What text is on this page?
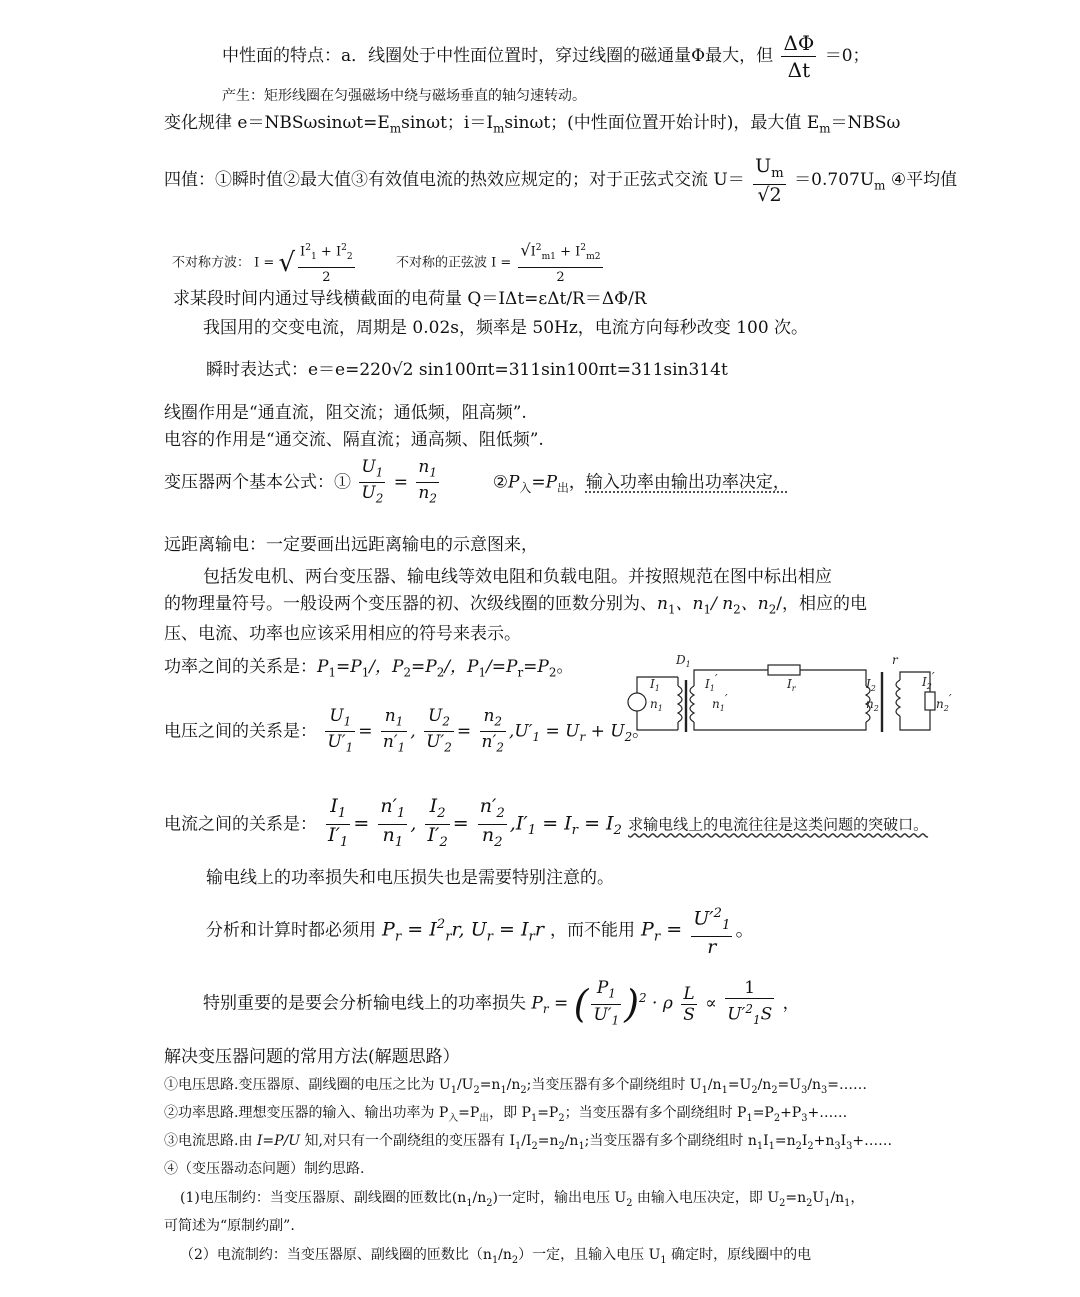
中性面的特点：a．线圈处于中性面位置时，穿过线圈的磁通量Φ最大，但 $\frac{\Delta\Phi}{\Delta t} =0$；
产生：矩形线圈在匀强磁场中绕与磁场垂直的轴匀速转动。
变化规律 $e=NBS\omega\sin\omega t=E_m\sin\omega t$；$i=I_m\sin\omega t$；(中性面位置开始计时)，最大值 $E_m=NBS\omega$
四值：①瞬时值②最大值③有效值电流的热效应规定的；对于正弦式交流 $U= \frac{U_m}{√2} =0.707U_m$ ④平均值
不对称方波： I = √ $\frac{I^2_1 + I^2_2}{2}$	不对称的正弦波 $I = \frac{√I^2_{m1} + I^2_{m2}}{2}$
求某段时间内通过导线横截面的电荷量 Q＝IΔt=εΔt/R＝ΔΦ/R
我国用的交变电流，周期是 0.02s，频率是 50Hz，电流方向每秒改变 100 次。
瞬时表达式：e＝e=220√2 sin100πt=311sin100πt=311sin314t
线圈作用是“通直流，阻交流；通低频，阻高频”.
电容的作用是“通交流、隔直流；通高频、阻低频”.
变压器两个基本公式：① $\frac{U_1}{U_2} = \frac{n_1}{n_2}$	$②P_入=P_出$，输入功率由输出功率决定，
远距离输电：一定要画出远距离输电的示意图来，
包括发电机、两台变压器、输电线等效电阻和负载电阻。并按照规范在图中标出相应
的物理量符号。一般设两个变压器的初、次级线圈的匝数分别为、$n_1$、$n_1/$ $n_2$、$n_2/$，相应的电
压、电流、功率也应该采用相应的符号来表示。
功率之间的关系是：$P_1=P_1/$，$P_2=P_2/$，$P_1/=P_r=P_2$。
电压之间的关系是： $\frac{U_1}{U'_1} = \frac{n_1}{n'_1}$ , $\frac{U_2}{U'_2} = \frac{n_2}{n'_2} ,U'_1 = U_r + U_2$。
电流之间的关系是： $\frac{I_1}{I'_1} = \frac{n'_1}{n_1}$ , $\frac{I_2}{I'_2} = \frac{n'_2}{n_2} ,I'_1 = I_r = I_2$ 求输电线上的电流往往是这类问题的突破口。
输电线上的功率损失和电压损失也是需要特别注意的。
分析和计算时都必须用 $P_r = I^2_rr$, $U_r = I_rr$ ，而不能用 $P_r = \frac{U'^2_1}{r}$ 。
特别重要的是要会分析输电线上的功率损失 $P_r$ = ( $\frac{P_1}{U'_1} )^2 \cdot \rho \frac{L}{S} \propto \frac{1}{U'^2_1S}$ ，
解决变压器问题的常用方法(解题思路）
①电压思路.变压器原、副线圈的电压之比为 $U_1/U_2=n_1/n_2$;当变压器有多个副绕组时 $U_1/n_1=U_2/n_2=U_3/n_3=\dots\dots$
②功率思路.理想变压器的输入、输出功率为 $P_入=P_出$，即 $P_1=P_2$；当变压器有多个副绕组时 $P_1=P_2+P_3+\dots\dots$
③电流思路.由 I=P/U 知,对只有一个副绕组的变压器有 $I_1/I_2=n_2/n_1$;当变压器有多个副绕组时 $n_1I_1=n_2I_2+n_3I_3+\dots\dots$
④（变压器动态问题）制约思路.
(1)电压制约：当变压器原、副线圈的匝数比$(n_1/n_2)$一定时，输出电压 $U_2$ 由输入电压决定，即 $U_2=n_2U_1/n_1$，
可简述为“原制约副”.
（2）电流制约：当变压器原、副线圈的匝数比$(n_1/n_2)$一定，且输入电压 $U_1$ 确定时，原线圈中的电
$D_1$	r
$I_1$
$n_1$
$I_1'$
$n_1'$
$I_r$	$I_2$
$n_2$
$I_2'$
$n_2'$
